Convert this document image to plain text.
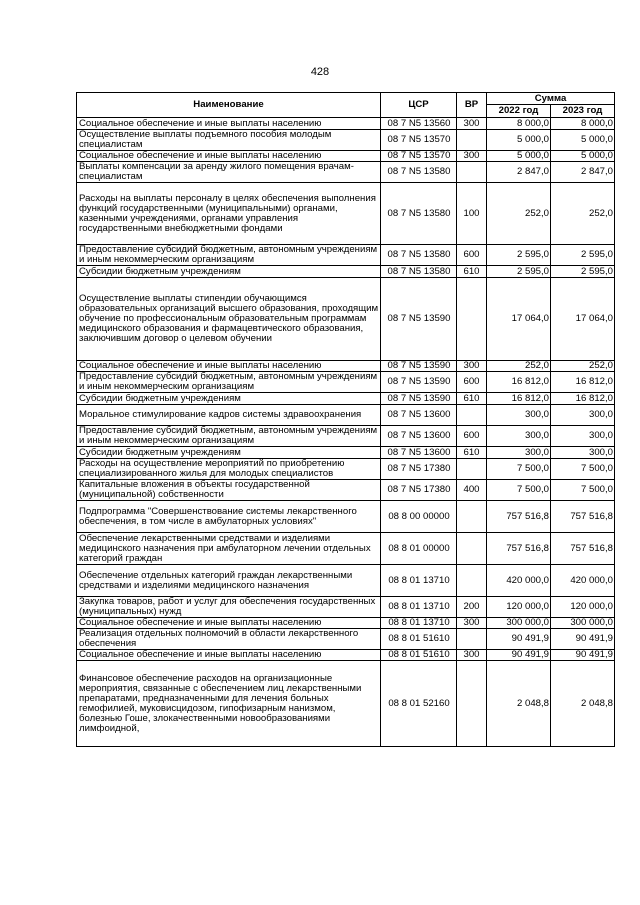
428
Наименование	ЦСР	ВР	Сумма	
			2022 год	2023 год
Социальное обеспечение и иные выплаты населению	08 7 N5 13560	300	8 000,0	8 000,0
Осуществление выплаты подъемного пособия молодым специалистам	08 7 N5 13570		5 000,0	5 000,0
Социальное обеспечение и иные выплаты населению	08 7 N5 13570	300	5 000,0	5 000,0
Выплаты компенсации за аренду жилого помещения врачам-специалистам	08 7 N5 13580		2 847,0	2 847,0
Расходы на выплаты персоналу в целях обеспечения выполнения функций государственными (муниципальными) органами, казенными учреждениями, органами управления государственными внебюджетными фондами	08 7 N5 13580	100	252,0	252,0
Предоставление субсидий бюджетным, автономным учреждениям и иным некоммерческим организациям	08 7 N5 13580	600	2 595,0	2 595,0
Субсидии бюджетным учреждениям	08 7 N5 13580	610	2 595,0	2 595,0
Осуществление выплаты стипендии обучающимся образовательных организаций высшего образования, проходящим обучение по профессиональным образовательным программам медицинского образования и фармацевтического образования, заключившим договор о целевом обучении	08 7 N5 13590		17 064,0	17 064,0
Социальное обеспечение и иные выплаты населению	08 7 N5 13590	300	252,0	252,0
Предоставление субсидий бюджетным, автономным учреждениям и иным некоммерческим организациям	08 7 N5 13590	600	16 812,0	16 812,0
Субсидии бюджетным учреждениям	08 7 N5 13590	610	16 812,0	16 812,0
Моральное стимулирование кадров системы здравоохранения	08 7 N5 13600		300,0	300,0
Предоставление субсидий бюджетным, автономным учреждениям и иным некоммерческим организациям	08 7 N5 13600	600	300,0	300,0
Субсидии бюджетным учреждениям	08 7 N5 13600	610	300,0	300,0
Расходы на осуществление мероприятий по приобретению специализированного жилья для молодых специалистов	08 7 N5 17380		7 500,0	7 500,0
Капитальные вложения в объекты государственной (муниципальной) собственности	08 7 N5 17380	400	7 500,0	7 500,0
Подпрограмма "Совершенствование системы лекарственного обеспечения, в том числе в амбулаторных условиях"	08 8 00 00000		757 516,8	757 516,8
Обеспечение лекарственными средствами и изделиями медицинского назначения при амбулаторном лечении отдельных категорий граждан	08 8 01 00000		757 516,8	757 516,8
Обеспечение отдельных категорий граждан лекарственными средствами и изделиями медицинского назначения	08 8 01 13710		420 000,0	420 000,0
Закупка товаров, работ и услуг для обеспечения государственных (муниципальных) нужд	08 8 01 13710	200	120 000,0	120 000,0
Социальное обеспечение и иные выплаты населению	08 8 01 13710	300	300 000,0	300 000,0
Реализация отдельных полномочий в области лекарственного обеспечения	08 8 01 51610		90 491,9	90 491,9
Социальное обеспечение и иные выплаты населению	08 8 01 51610	300	90 491,9	90 491,9
Финансовое обеспечение расходов на организационные мероприятия, связанные с обеспечением лиц лекарственными препаратами, предназначенными для лечения больных гемофилией, муковисцидозом, гипофизарным нанизмом, болезнью Гоше, злокачественными новообразованиями лимфоидной,	08 8 01 52160		2 048,8	2 048,8
